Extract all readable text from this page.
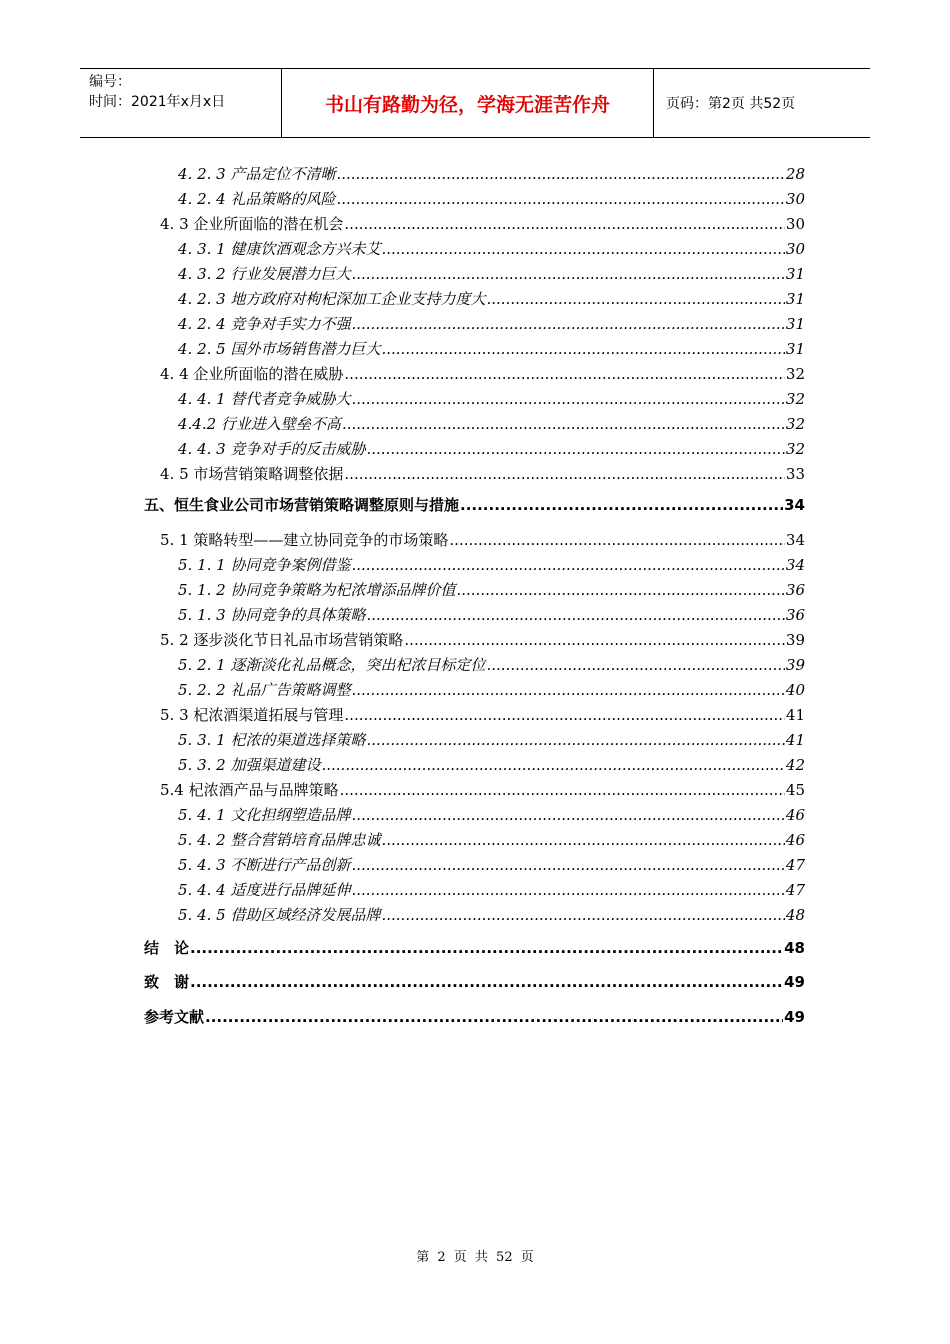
编号：
时间：2021年x月x日	书山有路勤为径，学海无涯苦作舟	页码：第2页 共52页
4. 2. 3 产品定位不清晰 .....	28
4. 2. 4 礼品策略的风险 .....	30
4. 3 企业所面临的潜在机会 .....	30
4. 3. 1 健康饮酒观念方兴未艾 .....	30
4. 3. 2 行业发展潜力巨大 .....	31
4. 2. 3 地方政府对枸杞深加工企业支持力度大 .....	31
4. 2. 4 竞争对手实力不强 .....	31
4. 2. 5 国外市场销售潜力巨大 .....	31
4. 4 企业所面临的潜在威胁 .....	32
4. 4. 1 替代者竞争威胁大 .....	32
4.4.2 行业进入壁垒不高 .....	32
4. 4. 3 竞争对手的反击威胁 .....	32
4. 5 市场营销策略调整依据 .....	33
五、恒生食业公司市场营销策略调整原则与措施 .....	34
5. 1 策略转型——建立协同竞争的市场策略 .....	34
5. 1. 1 协同竞争案例借鉴 .....	34
5. 1. 2 协同竞争策略为杞浓增添品牌价值 .....	36
5. 1. 3 协同竞争的具体策略 .....	36
5. 2 逐步淡化节日礼品市场营销策略 .....	39
5. 2. 1 逐渐淡化礼品概念，突出杞浓目标定位 .....	39
5. 2. 2 礼品广告策略调整 .....	40
5. 3 杞浓酒渠道拓展与管理 .....	41
5. 3. 1 杞浓的渠道选择策略 .....	41
5. 3. 2 加强渠道建设 .....	42
5.4 杞浓酒产品与品牌策略 .....	45
5. 4. 1 文化担纲塑造品牌 .....	46
5. 4. 2 整合营销培育品牌忠诚 .....	46
5. 4. 3 不断进行产品创新 .....	47
5. 4. 4 适度进行品牌延伸 .....	47
5. 4. 5 借助区域经济发展品牌 .....	48
结　论 .....	48
致　谢 .....	49
参考文献 .....	49
第 2 页 共 52 页
